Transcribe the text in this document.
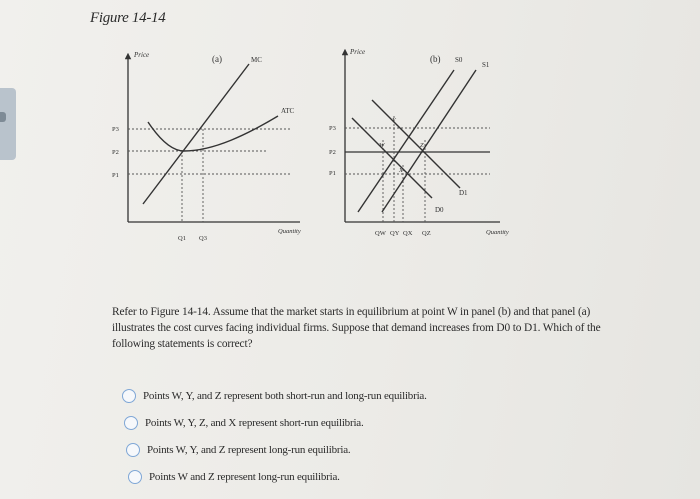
Figure 14-14
Price	(a)	MC
ATC
Quantity
P3
P2
P1
Q1 Q3
Price
(b) S0
S1
D1
D0
Quantity
P3
P2
P1
QW QY QX QZ
W
X
Y
Z
Refer to Figure 14-14. Assume that the market starts in equilibrium at point W in panel (b) and that panel (a) illustrates the cost curves facing individual firms. Suppose that demand increases from D0 to D1. Which of the following statements is correct?
Points W, Y, and Z represent both short-run and long-run equilibria.
Points W, Y, Z, and X represent short-run equilibria.
Points W, Y, and Z represent long-run equilibria.
Points W and Z represent long-run equilibria.
